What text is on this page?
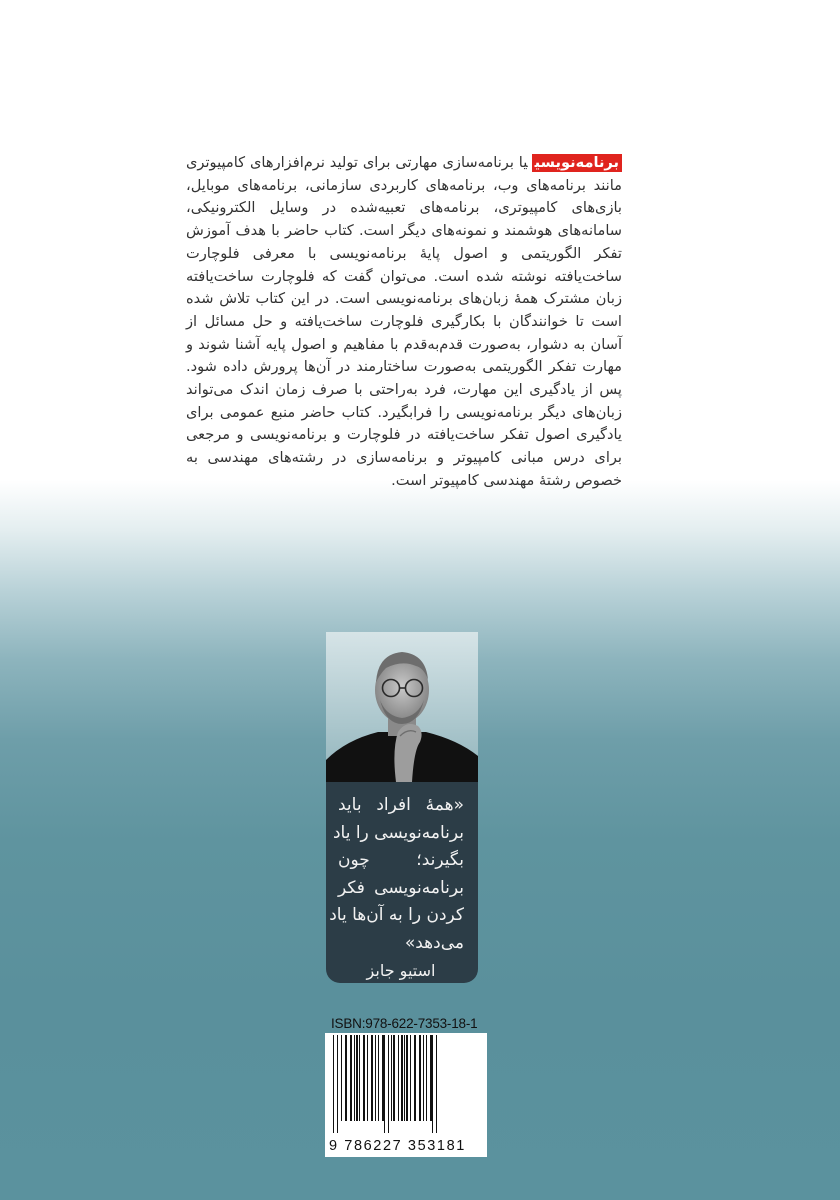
برنامه‌نویسییا برنامه‌سازی مهارتی برای تولید نرم‌افزارهای کامپیوتری مانند برنامه‌های وب، برنامه‌های کاربردی سازمانی، برنامه‌های موبایل، بازی‌های کامپیوتری، برنامه‌های تعبیه‌شده در وسایل الکترونیکی، سامانه‌های هوشمند و نمونه‌های دیگر است. کتاب حاضر با هدف آموزش تفکر الگوریتمی و اصول پایهٔ برنامه‌نویسی با معرفی فلوچارت ساخت‌یافته نوشته شده است. می‌توان گفت که فلوچارت ساخت‌یافته زبان مشترک همهٔ زبان‌های برنامه‌نویسی است. در این کتاب تلاش شده است تا خوانندگان با بکارگیری فلوچارت ساخت‌یافته و حل مسائل از آسان به دشوار، به‌صورت قدم‌به‌قدم با مفاهیم و اصول پایه آشنا شوند و مهارت تفکر الگوریتمی به‌صورت ساختارمند در آن‌ها پرورش داده شود. پس از یادگیری این مهارت، فرد به‌راحتی با صرف زمان اندک می‌تواند زبان‌های دیگر برنامه‌نویسی را فرابگیرد. کتاب حاضر منبع عمومی برای یادگیری اصول تفکر ساخت‌یافته در فلوچارت و برنامه‌نویسی و مرجعی برای درس مبانی کامپیوتر و برنامه‌سازی در رشته‌های مهندسی به خصوص رشتهٔ مهندسی کامپیوتر است.
«همهٔ افراد باید
برنامه‌نویسی را یاد
بگیرند؛ چون
برنامه‌نویسی فکر
کردن را به آن‌ها یاد
می‌دهد»
استیو جابز
ISBN:978-622-7353-18-1
9 786227 353181
